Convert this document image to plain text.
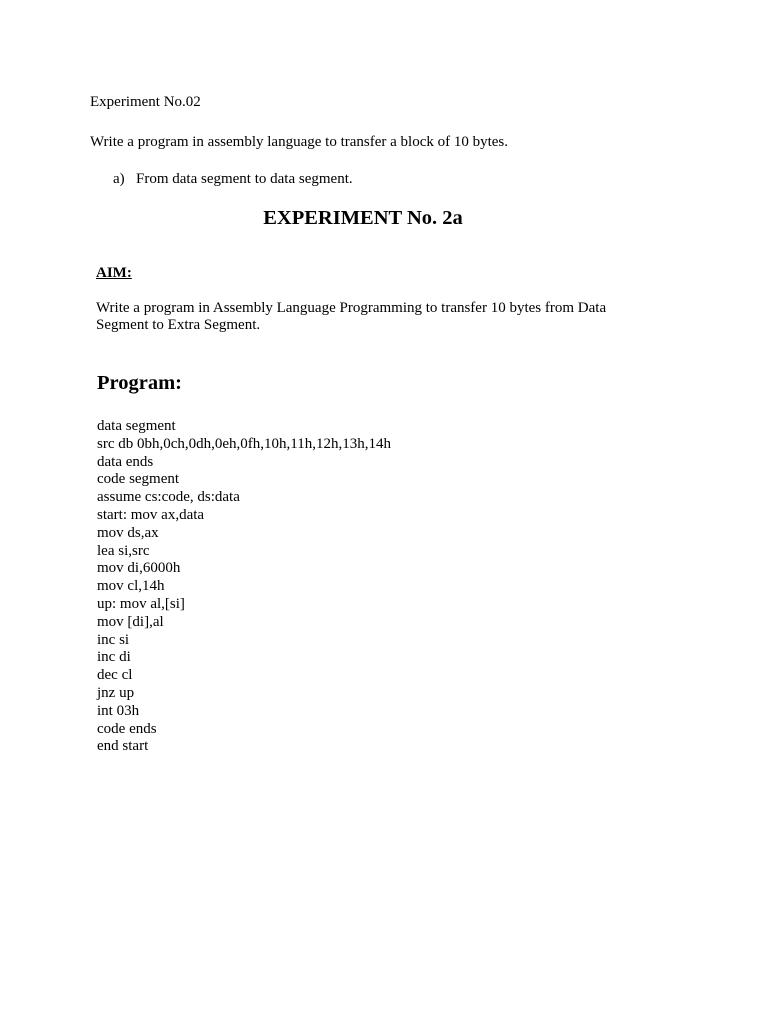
Experiment No.02
Write a program in assembly language to transfer a block of 10 bytes.
a) From data segment to data segment.
EXPERIMENT No. 2a
AIM:
Write a program in Assembly Language Programming to transfer 10 bytes from Data
Segment to Extra Segment.
Program:
data segment
src db 0bh,0ch,0dh,0eh,0fh,10h,11h,12h,13h,14h
data ends
code segment
assume cs:code, ds:data
start: mov ax,data
mov ds,ax
lea si,src
mov di,6000h
mov cl,14h
up: mov al,[si]
mov [di],al
inc si
inc di
dec cl
jnz up
int 03h
code ends
end start
